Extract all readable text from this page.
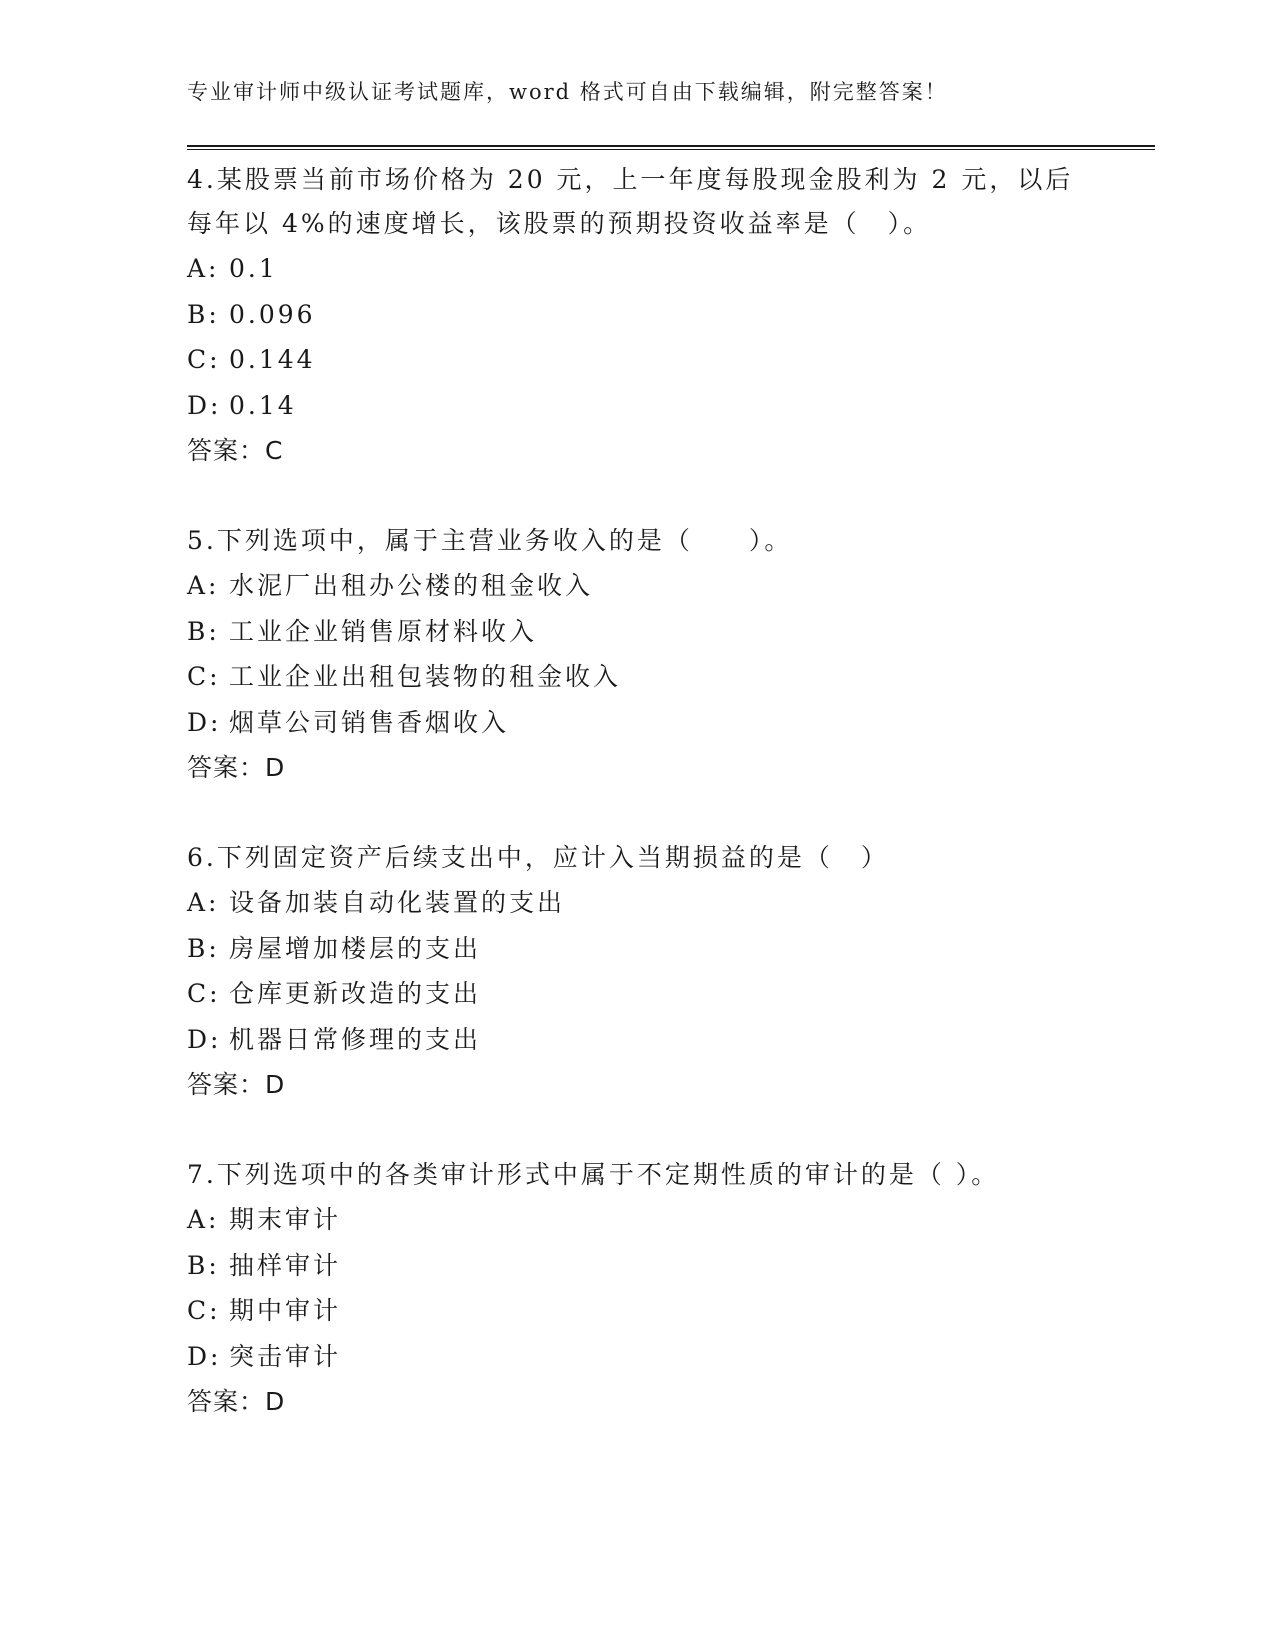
专业审计师中级认证考试题库，word 格式可自由下载编辑，附完整答案！

4.某股票当前市场价格为 20 元，上一年度每股现金股利为 2 元，以后每年以 4%的速度增长，该股票的预期投资收益率是（　）。

A: 0.1
B: 0.096
C: 0.144
D: 0.14
答案：C

5.下列选项中，属于主营业务收入的是（　　）。

A: 水泥厂出租办公楼的租金收入
B: 工业企业销售原材料收入
C: 工业企业出租包装物的租金收入
D: 烟草公司销售香烟收入
答案：D

6.下列固定资产后续支出中，应计入当期损益的是（　）

A: 设备加装自动化装置的支出
B: 房屋增加楼层的支出
C: 仓库更新改造的支出
D: 机器日常修理的支出
答案：D

7.下列选项中的各类审计形式中属于不定期性质的审计的是（ ）。

A: 期末审计
B: 抽样审计
C: 期中审计
D: 突击审计
答案：D
